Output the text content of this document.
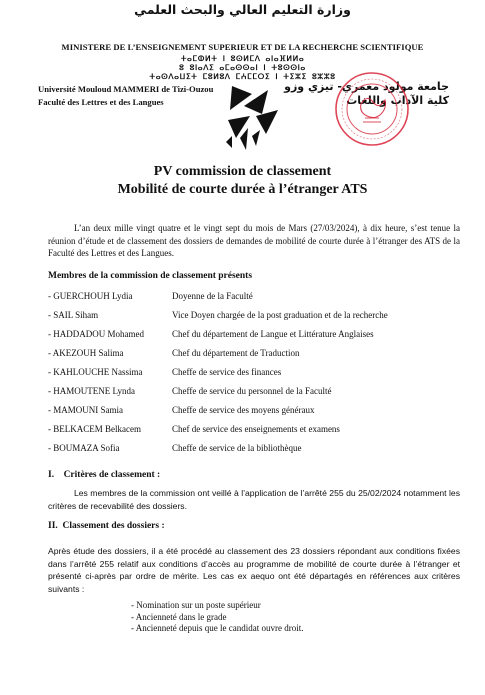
وزارة التعليم العالي والبحث العلمي
MINISTERE DE L’ENSEIGNEMENT SUPERIEUR ET DE LA RECHERCHE SCIENTIFIQUE
ⵜⴰⵎⵀⵍⵜ ⵏ ⵓⵙⵍⵎⴷ ⴰⵏⴰⴼⵍⵍⴰ
ⵓ ⵓⵏⴰⴷⵉ ⴰⵎⴰⵙⵙⴰⵏ ⵏ ⵜⵓⵙⵙⵏⴰ
ⵜⴰⵙⴷⴰⵡⵉⵜ ⵎⵓⵍⵓⴷ ⵎⵄⵎⵎⵔⵉ ⵏ ⵜⵉⵣⵉ ⵓⵣⵣⵓ
Université Mouloud MAMMERI de Tizi-Ouzou
Faculté des Lettres et des Langues
جامعة مولود معمري- تيزي وزو
كلية الآداب واللغات
PV commission de classement
Mobilité de courte durée à l’étranger ATS
L’an deux mille vingt quatre et le vingt sept du mois de Mars (27/03/2024), à dix heure, s’est tenue la réunion d’étude et de classement des dossiers de demandes de mobilité de courte durée à l’étranger des ATS de la Faculté des Lettres et des Langues.
Membres de la commission de classement présents
- GUERCHOUH Lydia	Doyenne de la Faculté
- SAIL Siham	Vice Doyen chargée de la post graduation et de la recherche
- HADDADOU Mohamed	Chef du département de Langue et Littérature Anglaises
- AKEZOUH Salima	Chef du département de Traduction
- KAHLOUCHE Nassima	Cheffe de service des finances
- HAMOUTENE Lynda	Cheffe de service du personnel de la Faculté
- MAMOUNI Samia	Cheffe de service des moyens généraux
- BELKACEM Belkacem	Chef de service des enseignements et examens
- BOUMAZA Sofia	Cheffe de service de la bibliothèque
I.    Critères de classement :
Les membres de la commission ont veillé à l’application de l’arrêté 255 du 25/02/2024 notamment les critères de recevabilité des dossiers.
II.  Classement des dossiers :
Après étude des dossiers, il a été procédé au classement des 23 dossiers répondant aux conditions fixées dans l’arrêté 255 relatif aux conditions d’accès au programme de mobilité de courte durée à l’étranger et présenté ci-après par ordre de mérite. Les cas ex aequo ont été départagés en références aux critères suivants :
- Nomination sur un poste supérieur
- Ancienneté dans le grade
- Ancienneté depuis que le candidat ouvre droit.
